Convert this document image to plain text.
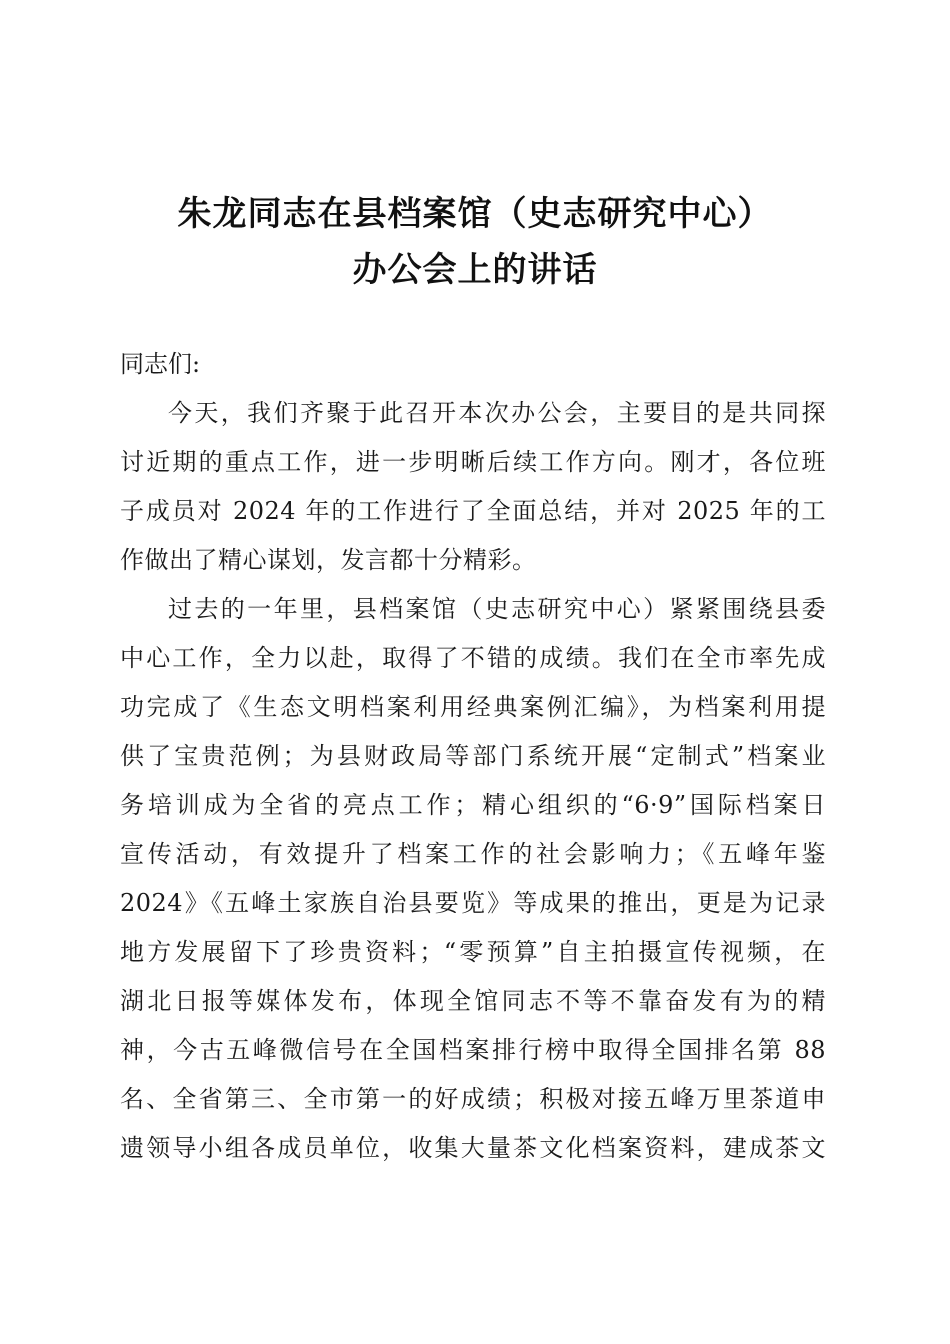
朱龙同志在县档案馆（史志研究中心）
办公会上的讲话
同志们:
今天，我们齐聚于此召开本次办公会，主要目的是共同探
讨近期的重点工作，进一步明晰后续工作方向。刚才，各位班
子成员对 2024 年的工作进行了全面总结，并对 2025 年的工
作做出了精心谋划，发言都十分精彩。
过去的一年里，县档案馆（史志研究中心）紧紧围绕县委
中心工作，全力以赴，取得了不错的成绩。我们在全市率先成
功完成了《生态文明档案利用经典案例汇编》，为档案利用提
供了宝贵范例；为县财政局等部门系统开展“定制式”档案业
务培训成为全省的亮点工作；精心组织的“6·9”国际档案日
宣传活动，有效提升了档案工作的社会影响力；《五峰年鉴
2024》《五峰土家族自治县要览》等成果的推出，更是为记录
地方发展留下了珍贵资料；“零预算”自主拍摄宣传视频，在
湖北日报等媒体发布，体现全馆同志不等不靠奋发有为的精
神，今古五峰微信号在全国档案排行榜中取得全国排名第 88
名、全省第三、全市第一的好成绩；积极对接五峰万里茶道申
遗领导小组各成员单位，收集大量茶文化档案资料，建成茶文
